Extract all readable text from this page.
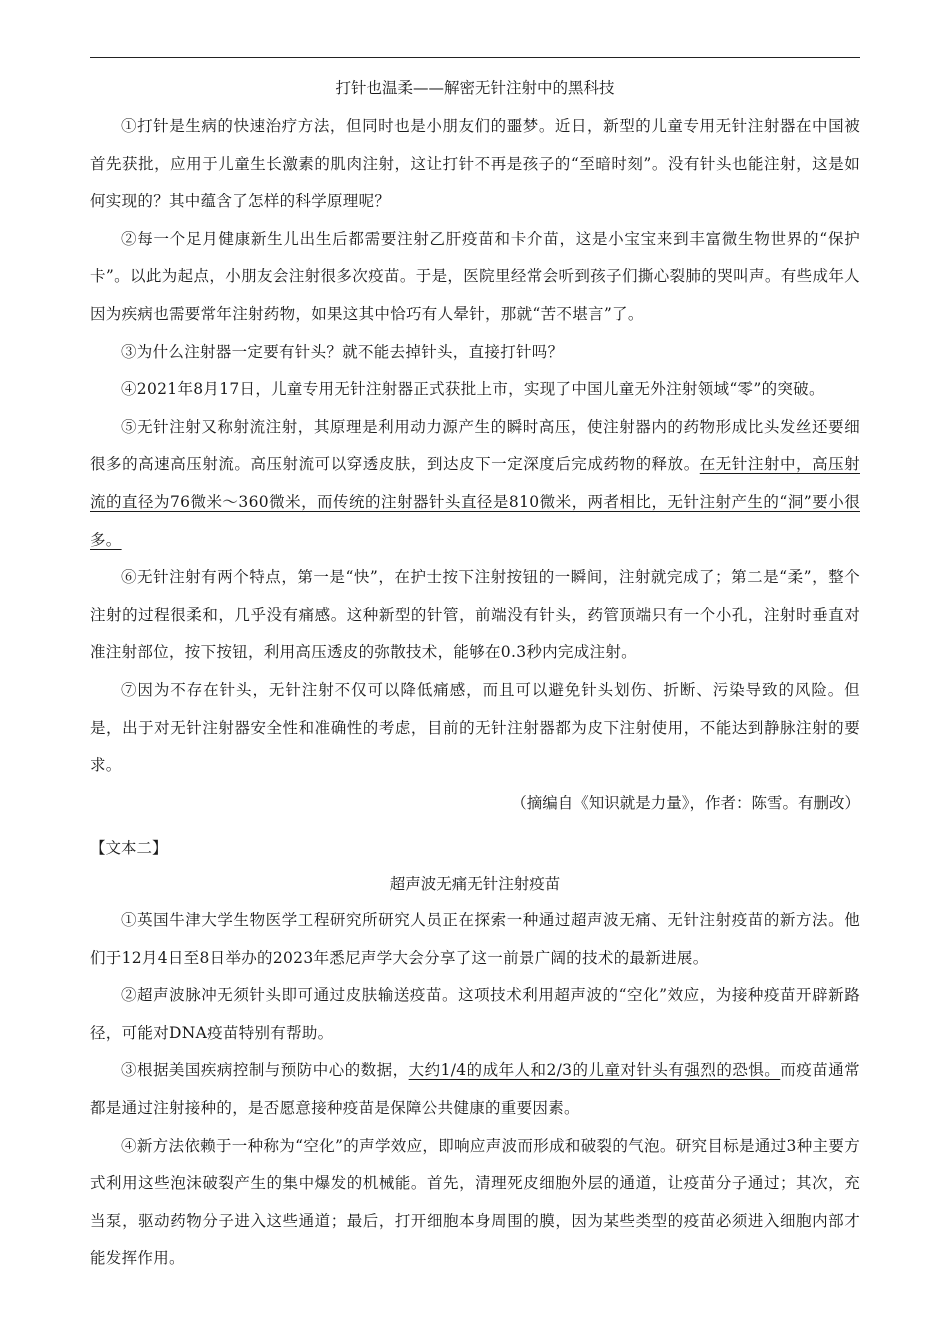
打针也温柔——解密无针注射中的黑科技

①打针是生病的快速治疗方法，但同时也是小朋友们的噩梦。近日，新型的儿童专用无针注射器在中国被首先获批，应用于儿童生长激素的肌肉注射，这让打针不再是孩子的“至暗时刻”。没有针头也能注射，这是如何实现的？其中蕴含了怎样的科学原理呢？

②每一个足月健康新生儿出生后都需要注射乙肝疫苗和卡介苗，这是小宝宝来到丰富微生物世界的“保护卡”。以此为起点，小朋友会注射很多次疫苗。于是，医院里经常会听到孩子们撕心裂肺的哭叫声。有些成年人因为疾病也需要常年注射药物，如果这其中恰巧有人晕针，那就“苦不堪言”了。

③为什么注射器一定要有针头？就不能去掉针头，直接打针吗？

④2021年8月17日，儿童专用无针注射器正式获批上市，实现了中国儿童无外注射领域“零”的突破。

⑤无针注射又称射流注射，其原理是利用动力源产生的瞬时高压，使注射器内的药物形成比头发丝还要细很多的高速高压射流。高压射流可以穿透皮肤，到达皮下一定深度后完成药物的释放。在无针注射中，高压射流的直径为76微米～360微米，而传统的注射器针头直径是810微米，两者相比，无针注射产生的“洞”要小很多。

⑥无针注射有两个特点，第一是“快”，在护士按下注射按钮的一瞬间，注射就完成了；第二是“柔”，整个注射的过程很柔和，几乎没有痛感。这种新型的针管，前端没有针头，药管顶端只有一个小孔，注射时垂直对准注射部位，按下按钮，利用高压透皮的弥散技术，能够在0.3秒内完成注射。

⑦因为不存在针头，无针注射不仅可以降低痛感，而且可以避免针头划伤、折断、污染导致的风险。但是，出于对无针注射器安全性和准确性的考虑，目前的无针注射器都为皮下注射使用，不能达到静脉注射的要求。

（摘编自《知识就是力量》，作者：陈雪。有删改）

【文本二】

超声波无痛无针注射疫苗

①英国牛津大学生物医学工程研究所研究人员正在探索一种通过超声波无痛、无针注射疫苗的新方法。他们于12月4日至8日举办的2023年悉尼声学大会分享了这一前景广阔的技术的最新进展。

②超声波脉冲无须针头即可通过皮肤输送疫苗。这项技术利用超声波的“空化”效应，为接种疫苗开辟新路径，可能对DNA疫苗特别有帮助。

③根据美国疾病控制与预防中心的数据，大约1/4的成年人和2/3的儿童对针头有强烈的恐惧。而疫苗通常都是通过注射接种的，是否愿意接种疫苗是保障公共健康的重要因素。

④新方法依赖于一种称为“空化”的声学效应，即响应声波而形成和破裂的气泡。研究目标是通过3种主要方式利用这些泡沫破裂产生的集中爆发的机械能。首先，清理死皮细胞外层的通道，让疫苗分子通过；其次，充当泵，驱动药物分子进入这些通道；最后，打开细胞本身周围的膜，因为某些类型的疫苗必须进入细胞内部才能发挥作用。
